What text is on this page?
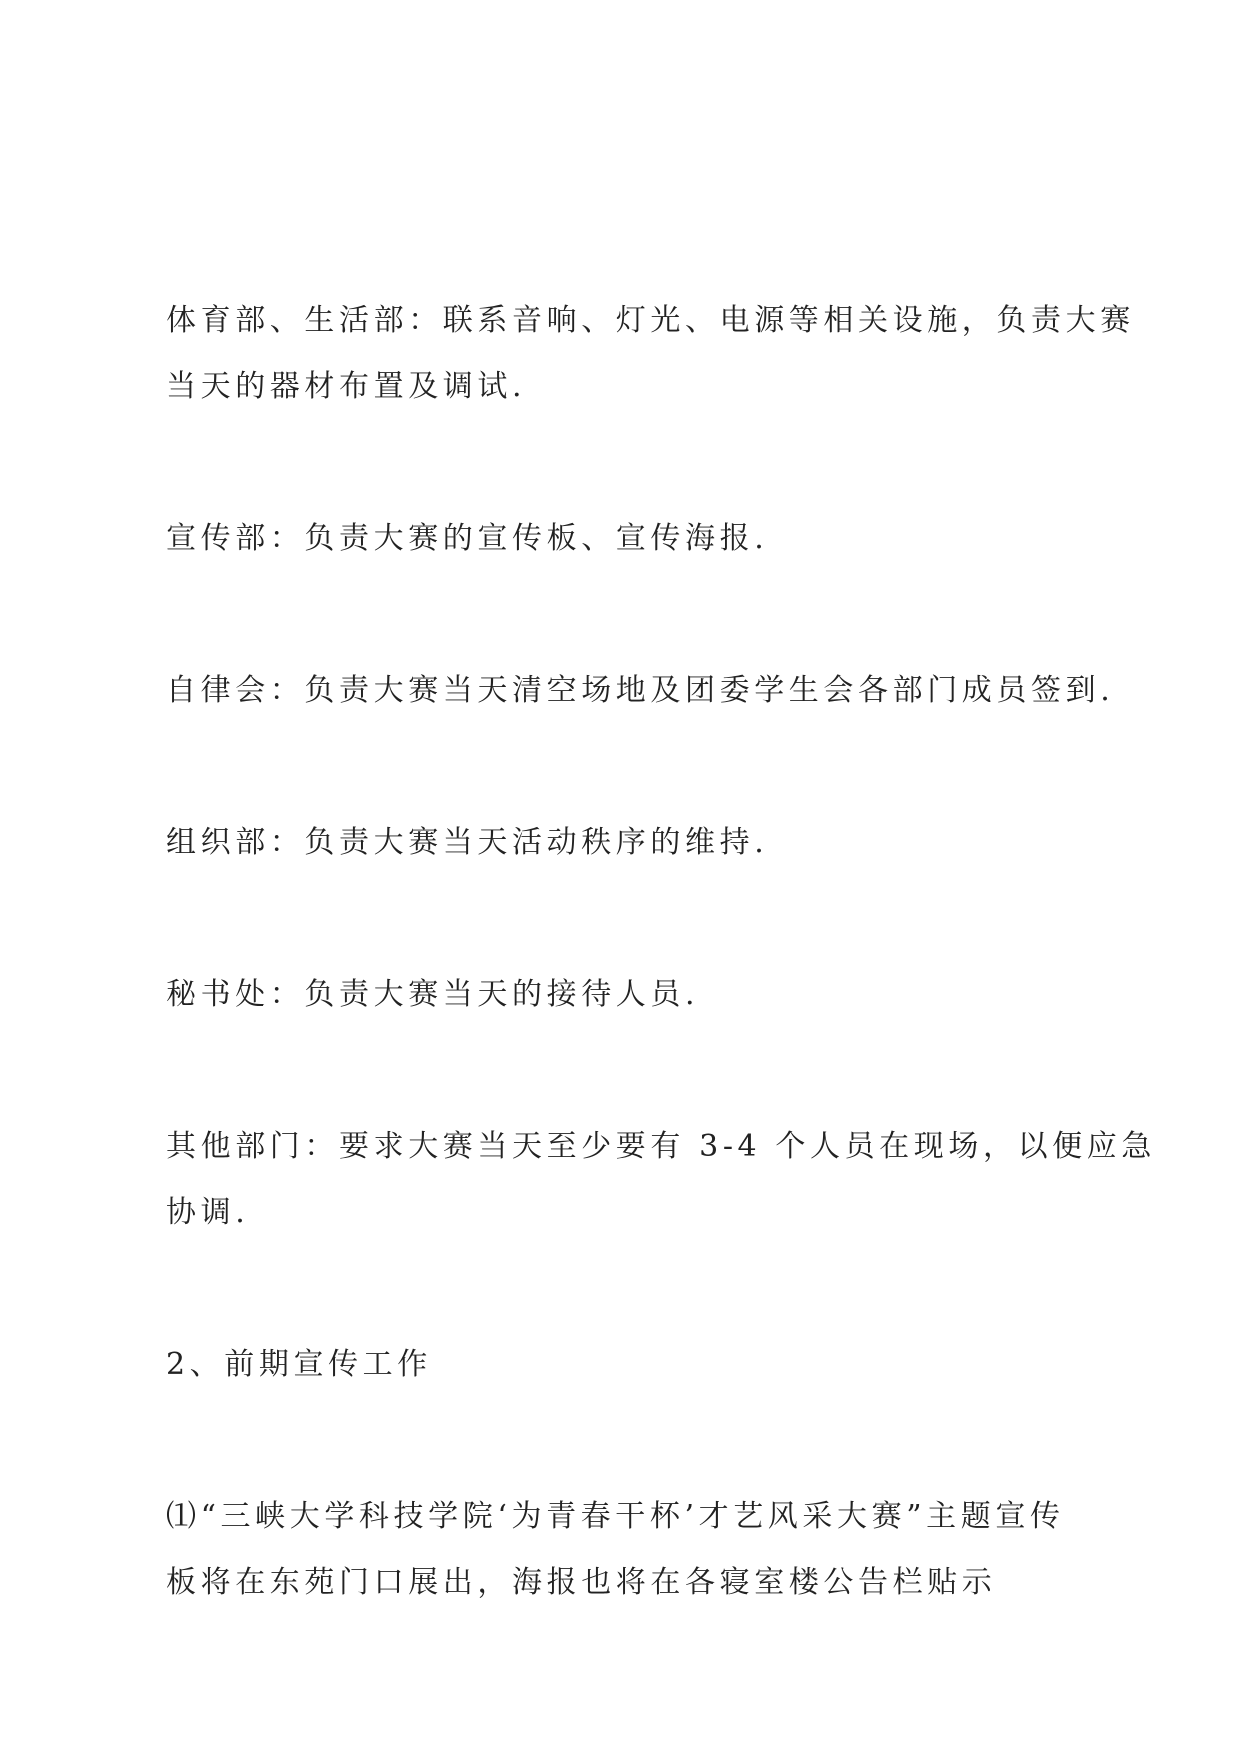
体育部、生活部：联系音响、灯光、电源等相关设施，负责大赛

当天的器材布置及调试.

宣传部：负责大赛的宣传板、宣传海报.

自律会：负责大赛当天清空场地及团委学生会各部门成员签到.

组织部：负责大赛当天活动秩序的维持.

秘书处：负责大赛当天的接待人员.

其他部门：要求大赛当天至少要有 3-4 个人员在现场，以便应急

协调.

2、前期宣传工作

⑴“三峡大学科技学院‘为青春干杯’才艺风采大赛”主题宣传

板将在东苑门口展出，海报也将在各寝室楼公告栏贴示
